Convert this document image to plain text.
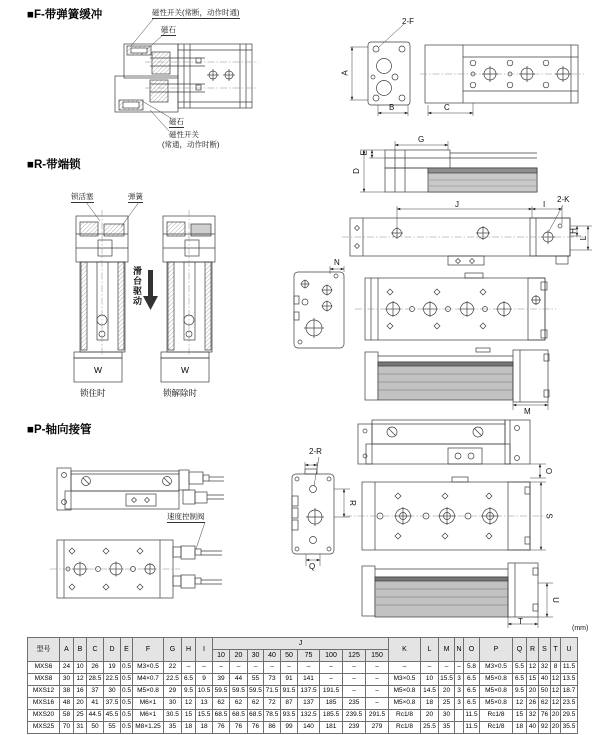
■F-带弹簧缓冲	磁性开关(常断，动作时通)
磁石
磁石
磁性开关
(常通，动作时断)
2-F
A
B	C
G
E
D
■R-带端锁
锁活塞	弹簧
滑台驱动
W	W
锁住时	锁解除时
J	I
2-K
H
L
N
M
■P-轴向接管
速度控制阀
2-R
R
Q
O
S
U
T
(mm)
型号	A	B	C	D	E	F	G	H	I	J									K	L	M	N	O	P	Q	R	S	T	U
										10	20	30	40	50	75	100	125	150											
MXS6	24	10	26	19	0.5	M3×0.5	22	–	–	–	–	–	–	–	–	–	–	–	–	–	–	–	5.8	M3×0.5	5.5	12	32	8	11.5
MXS8	30	12	28.5	22.5	0.5	M4×0.7	22.5	6.5	9	39	44	55	73	91	141	–	–	–	M3×0.5	10	15.5	3	6.5	M5×0.8	6.5	15	40	12	13.5
MXS12	38	16	37	30	0.5	M5×0.8	29	9.5	10.5	59.5	59.5	59.5	71.5	91.5	137.5	191.5	–	–	M5×0.8	14.5	20	3	6.5	M5×0.8	9.5	20	50	12	18.7
MXS16	48	20	41	37.5	0.5	M6×1	30	12	13	62	62	62	72	87	137	185	235	–	M5×0.8	18	25	3	6.5	M5×0.8	12	26	62	12	23.5
MXS20	58	25	44.5	45.5	0.5	M6×1	30.5	15	15.5	68.5	68.5	68.5	78.5	93.5	132.5	185.5	239.5	291.5	Rc1/8	20	30		11.5	Rc1/8	15	32	76	20	29.5
MXS25	70	31	50	55	0.5	M8×1.25	35	18	18	76	76	76	86	99	140	181	239	279	Rc1/8	25.5	35		11.5	Rc1/8	18	40	92	20	35.5
